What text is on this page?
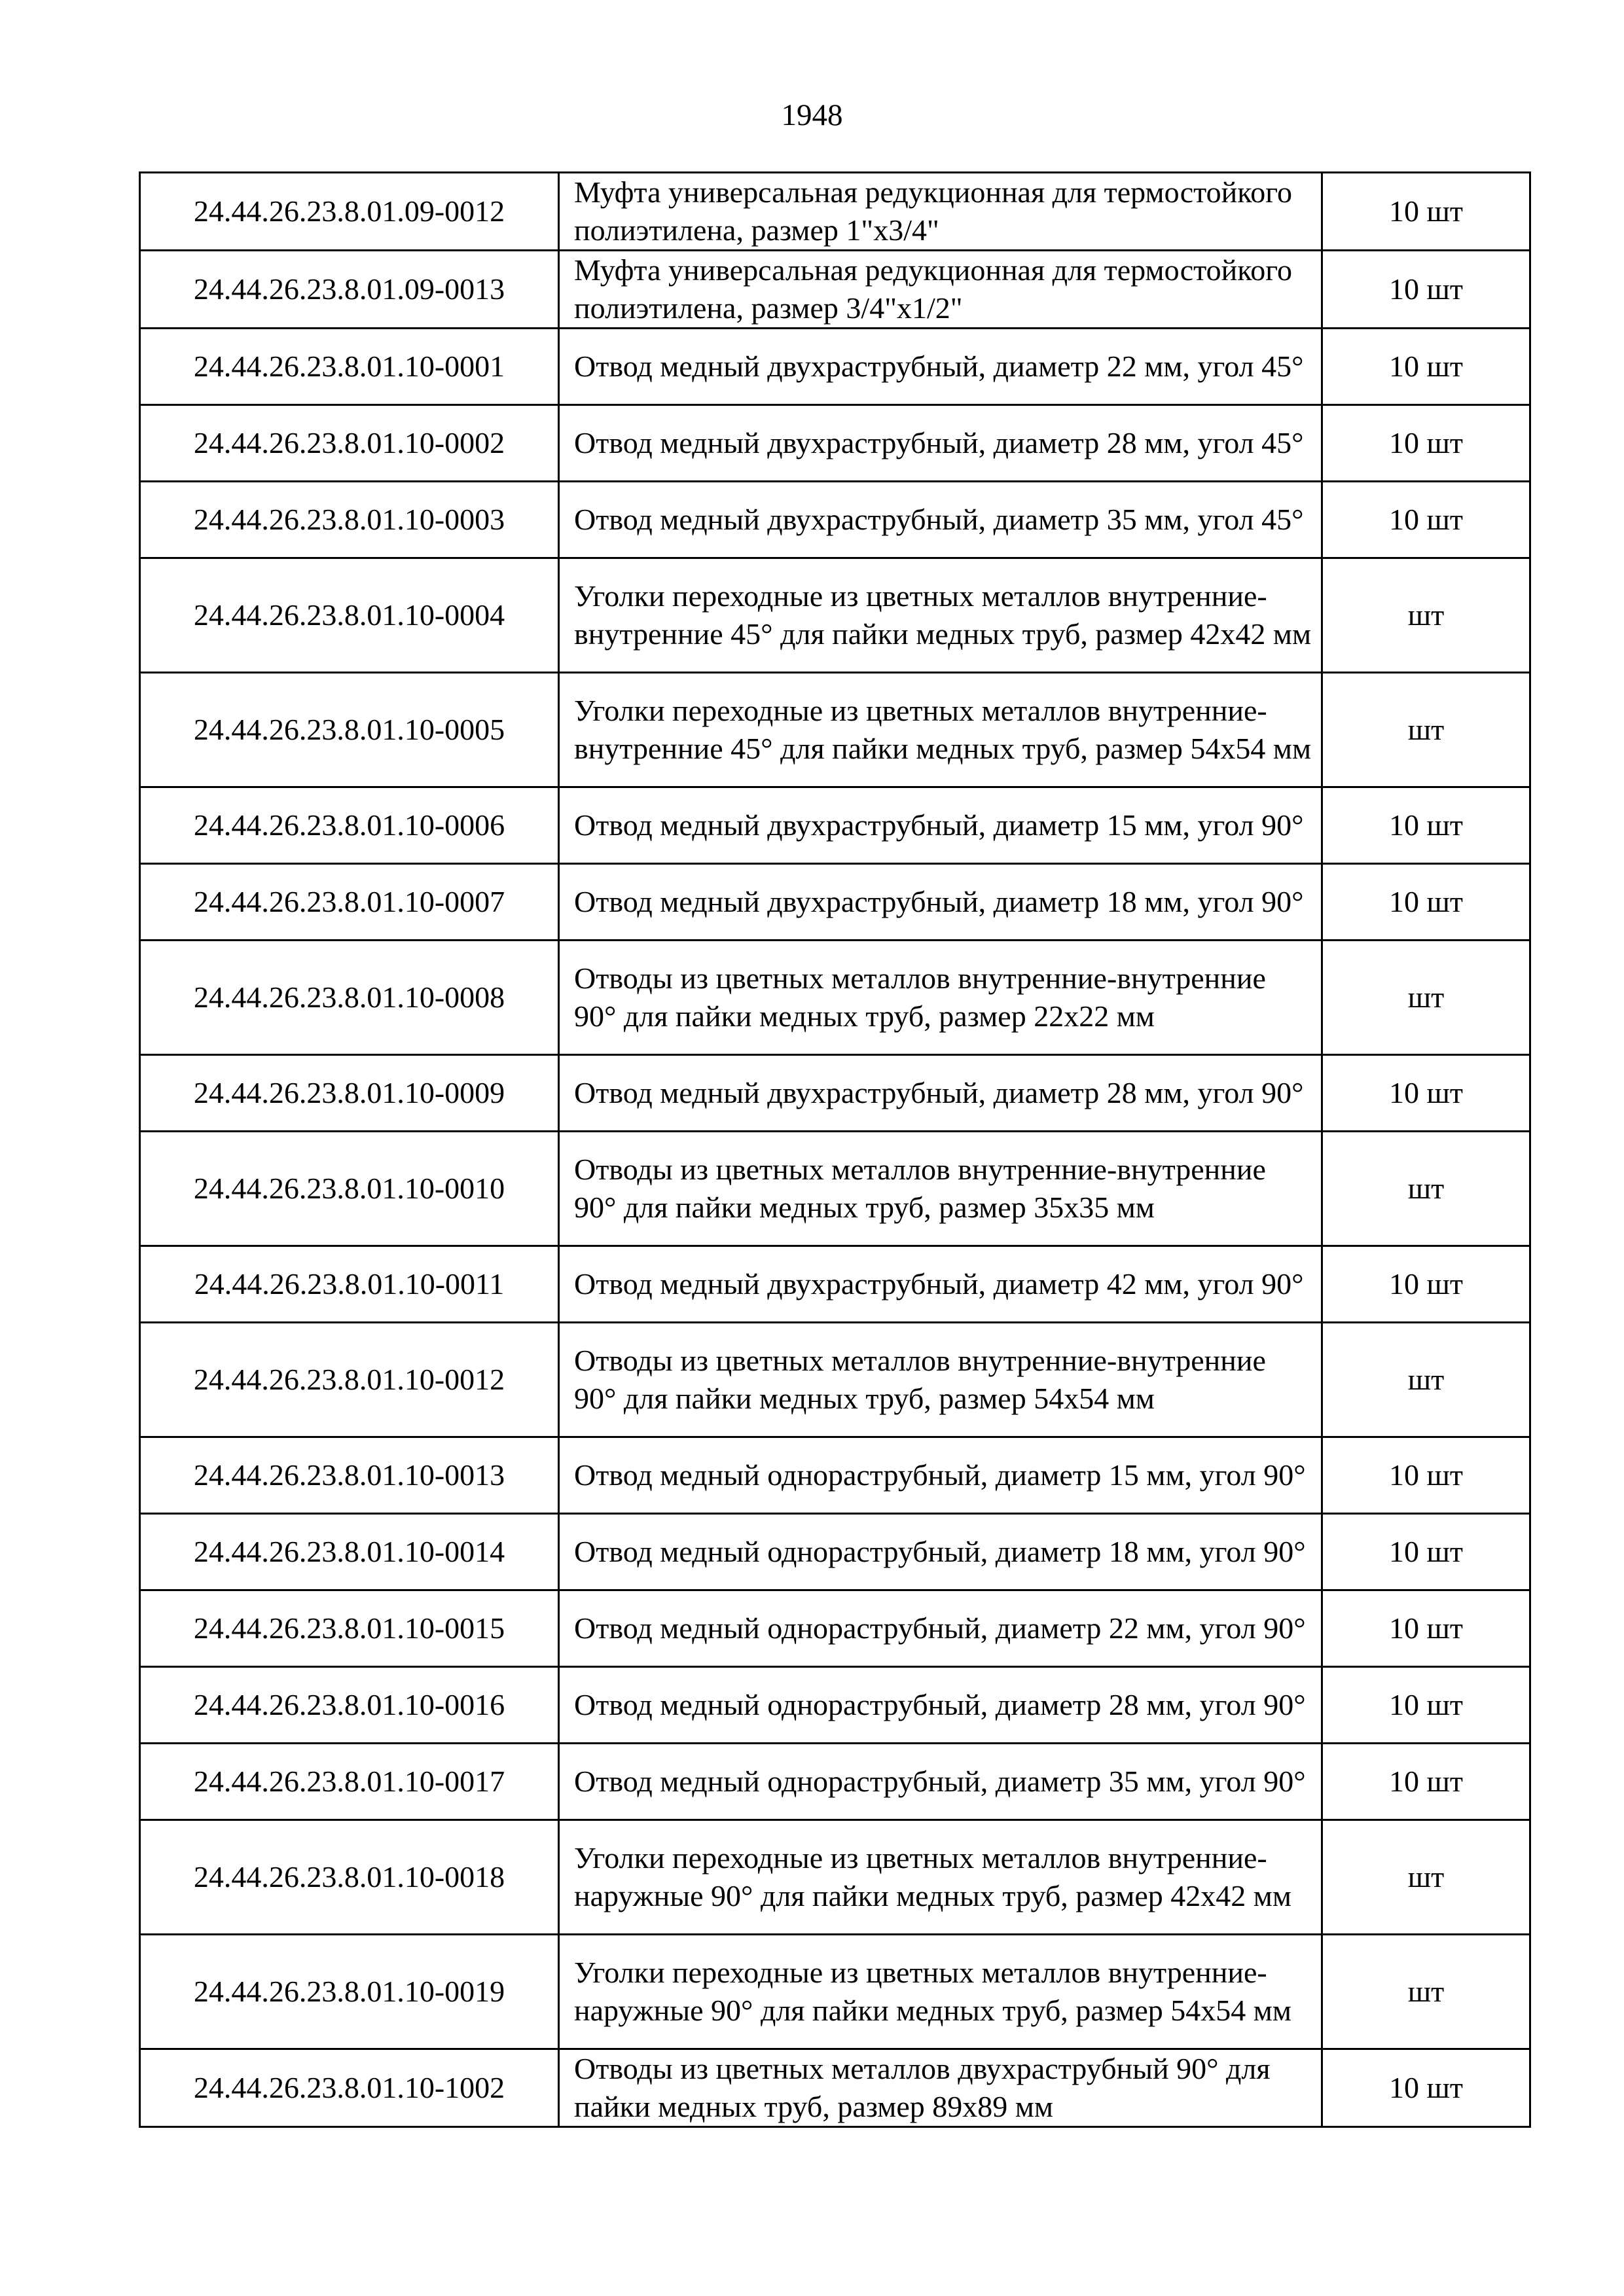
1948
24.44.26.23.8.01.09-0012	Муфта универсальная редукционная для термостойкого полиэтилена, размер 1"х3/4"	10 шт
24.44.26.23.8.01.09-0013	Муфта универсальная редукционная для термостойкого полиэтилена, размер 3/4"х1/2"	10 шт
24.44.26.23.8.01.10-0001	Отвод медный двухраструбный, диаметр 22 мм, угол 45°	10 шт
24.44.26.23.8.01.10-0002	Отвод медный двухраструбный, диаметр 28 мм, угол 45°	10 шт
24.44.26.23.8.01.10-0003	Отвод медный двухраструбный, диаметр 35 мм, угол 45°	10 шт
24.44.26.23.8.01.10-0004	Уголки переходные из цветных металлов внутренние-внутренние 45° для пайки медных труб, размер 42х42 мм	шт
24.44.26.23.8.01.10-0005	Уголки переходные из цветных металлов внутренние-внутренние 45° для пайки медных труб, размер 54х54 мм	шт
24.44.26.23.8.01.10-0006	Отвод медный двухраструбный, диаметр 15 мм, угол 90°	10 шт
24.44.26.23.8.01.10-0007	Отвод медный двухраструбный, диаметр 18 мм, угол 90°	10 шт
24.44.26.23.8.01.10-0008	Отводы из цветных металлов внутренние-внутренние 90° для пайки медных труб, размер 22х22 мм	шт
24.44.26.23.8.01.10-0009	Отвод медный двухраструбный, диаметр 28 мм, угол 90°	10 шт
24.44.26.23.8.01.10-0010	Отводы из цветных металлов внутренние-внутренние 90° для пайки медных труб, размер 35х35 мм	шт
24.44.26.23.8.01.10-0011	Отвод медный двухраструбный, диаметр 42 мм, угол 90°	10 шт
24.44.26.23.8.01.10-0012	Отводы из цветных металлов внутренние-внутренние 90° для пайки медных труб, размер 54х54 мм	шт
24.44.26.23.8.01.10-0013	Отвод медный однораструбный, диаметр 15 мм, угол 90°	10 шт
24.44.26.23.8.01.10-0014	Отвод медный однораструбный, диаметр 18 мм, угол 90°	10 шт
24.44.26.23.8.01.10-0015	Отвод медный однораструбный, диаметр 22 мм, угол 90°	10 шт
24.44.26.23.8.01.10-0016	Отвод медный однораструбный, диаметр 28 мм, угол 90°	10 шт
24.44.26.23.8.01.10-0017	Отвод медный однораструбный, диаметр 35 мм, угол 90°	10 шт
24.44.26.23.8.01.10-0018	Уголки переходные из цветных металлов внутренние-наружные 90° для пайки медных труб, размер 42х42 мм	шт
24.44.26.23.8.01.10-0019	Уголки переходные из цветных металлов внутренние-наружные 90° для пайки медных труб, размер 54х54 мм	шт
24.44.26.23.8.01.10-1002	Отводы из цветных металлов двухраструбный 90° для пайки медных труб, размер 89х89 мм	10 шт
